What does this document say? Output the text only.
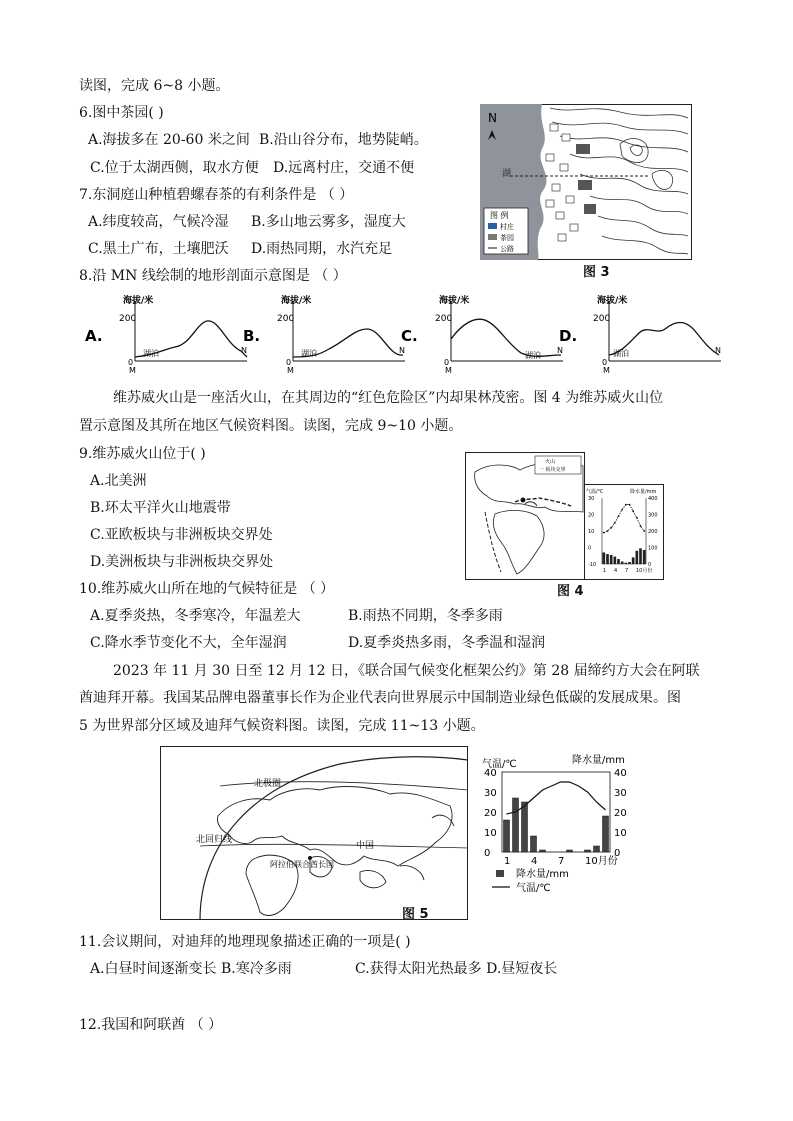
读图，完成 6~8 小题。
6.图中茶园( )
A.海拔多在 20-60 米之间 B.沿山谷分布，地势陡峭。
C.位于太湖西侧，取水方便 D.远离村庄，交通不便
7.东洞庭山种植碧螺春茶的有利条件是 （ ）
A.纬度较高，气候冷湿 B.多山地云雾多，湿度大
C.黑土广布，土壤肥沃 D.雨热同期，水汽充足
8.沿 MN 线绘制的地形剖面示意图是 （ ）
N
湖
图 例
村庄
茶园
公路
图 3
A.
海拔/米
200
0
M
N
湖泊
B.
海拔/米
200
0
M
N
湖泊
C.
海拔/米
200
0
M
N
湖泊
D.
海拔/米
200
0
M
N
湖泊
维苏威火山是一座活火山，在其周边的“红色危险区”内却果林茂密。图 4 为维苏威火山位
置示意图及其所在地区气候资料图。读图，完成 9~10 小题。
9.维苏威火山位于( )
A.北美洲
B.环太平洋火山地震带
C.亚欧板块与非洲板块交界处
D.美洲板块与非洲板块交界处
火山
一 板块交界
气温/℃	降水量/mm
30
20
10
0
-10
400
300
200
100
0
1 4 7 10月份
图 4
10.维苏威火山所在地的气候特征是 （ ）
A.夏季炎热，冬季寒冷，年温差大	B.雨热不同期，冬季多雨
C.降水季节变化不大，全年湿润	D.夏季炎热多雨，冬季温和湿润
2023 年 11 月 30 日至 12 月 12 日，《联合国气候变化框架公约》第 28 届缔约方大会在阿联
酋迪拜开幕。我国某品牌电器董事长作为企业代表向世界展示中国制造业绿色低碳的发展成果。图
5 为世界部分区域及迪拜气候资料图。读图，完成 11~13 小题。
北极圈
北回归线
中国
阿拉伯联合酋长国
图 5
气温/℃	降水量/mm
40	40
30	30
20	20
10	10
0	0
1 4 7 10月份
降水量/mm
气温/℃
11.会议期间，对迪拜的地理现象描述正确的一项是( )
A.白昼时间逐渐变长 B.寒冷多雨	C.获得太阳光热最多 D.昼短夜长
12.我国和阿联酋 （ ）
